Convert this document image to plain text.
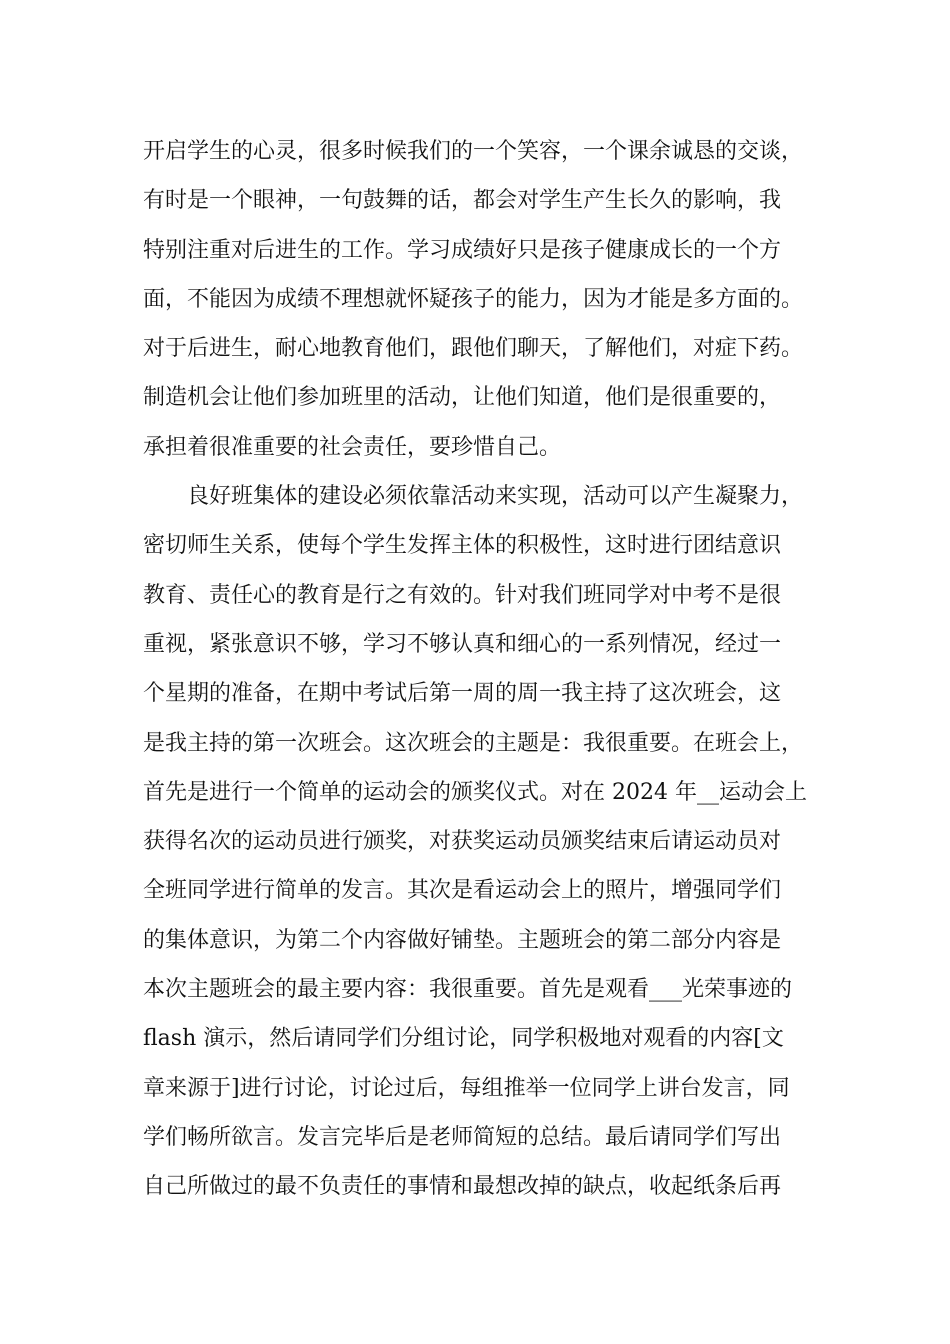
开启学生的心灵，很多时候我们的一个笑容，一个课余诚恳的交谈，
有时是一个眼神，一句鼓舞的话，都会对学生产生长久的影响，我
特别注重对后进生的工作。学习成绩好只是孩子健康成长的一个方
面，不能因为成绩不理想就怀疑孩子的能力，因为才能是多方面的。
对于后进生，耐心地教育他们，跟他们聊天，了解他们，对症下药。
制造机会让他们参加班里的活动，让他们知道，他们是很重要的，
承担着很准重要的社会责任，要珍惜自己。
良好班集体的建设必须依靠活动来实现，活动可以产生凝聚力，
密切师生关系，使每个学生发挥主体的积极性，这时进行团结意识
教育、责任心的教育是行之有效的。针对我们班同学对中考不是很
重视，紧张意识不够，学习不够认真和细心的一系列情况，经过一
个星期的准备，在期中考试后第一周的周一我主持了这次班会，这
是我主持的第一次班会。这次班会的主题是：我很重要。在班会上，
首先是进行一个简单的运动会的颁奖仪式。对在 2024 年__运动会上
获得名次的运动员进行颁奖，对获奖运动员颁奖结束后请运动员对
全班同学进行简单的发言。其次是看运动会上的照片，增强同学们
的集体意识，为第二个内容做好铺垫。主题班会的第二部分内容是
本次主题班会的最主要内容：我很重要。首先是观看___光荣事迹的
flash 演示，然后请同学们分组讨论，同学积极地对观看的内容[文
章来源于]进行讨论，讨论过后，每组推举一位同学上讲台发言，同
学们畅所欲言。发言完毕后是老师简短的总结。最后请同学们写出
自己所做过的最不负责任的事情和最想改掉的缺点，收起纸条后再
